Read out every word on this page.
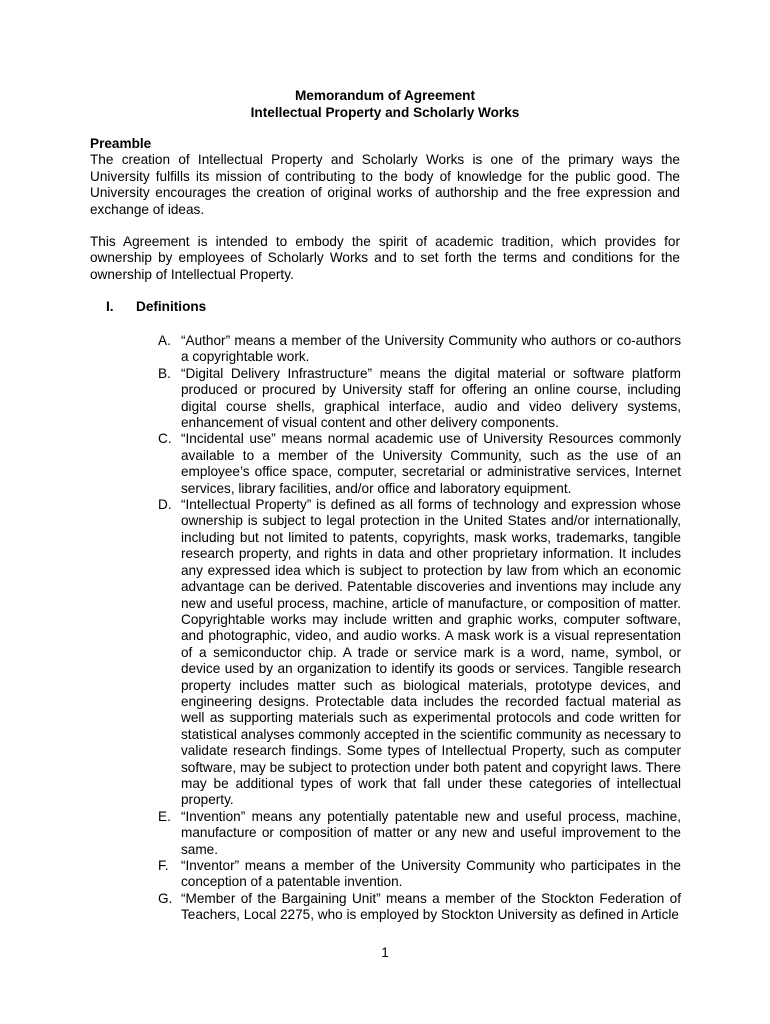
Memorandum of Agreement
Intellectual Property and Scholarly Works
Preamble

The creation of Intellectual Property and Scholarly Works is one of the primary ways the University fulfills its mission of contributing to the body of knowledge for the public good. The University encourages the creation of original works of authorship and the free expression and exchange of ideas.

This Agreement is intended to embody the spirit of academic tradition, which provides for ownership by employees of Scholarly Works and to set forth the terms and conditions for the ownership of Intellectual Property.

I. Definitions
A. “Author” means a member of the University Community who authors or co-authors a copyrightable work.
B. “Digital Delivery Infrastructure” means the digital material or software platform produced or procured by University staff for offering an online course, including digital course shells, graphical interface, audio and video delivery systems, enhancement of visual content and other delivery components.
C. “Incidental use” means normal academic use of University Resources commonly available to a member of the University Community, such as the use of an employee’s office space, computer, secretarial or administrative services, Internet services, library facilities, and/or office and laboratory equipment.
D. “Intellectual Property” is defined as all forms of technology and expression whose ownership is subject to legal protection in the United States and/or internationally, including but not limited to patents, copyrights, mask works, trademarks, tangible research property, and rights in data and other proprietary information. It includes any expressed idea which is subject to protection by law from which an economic advantage can be derived. Patentable discoveries and inventions may include any new and useful process, machine, article of manufacture, or composition of matter. Copyrightable works may include written and graphic works, computer software, and photographic, video, and audio works. A mask work is a visual representation of a semiconductor chip. A trade or service mark is a word, name, symbol, or device used by an organization to identify its goods or services. Tangible research property includes matter such as biological materials, prototype devices, and engineering designs. Protectable data includes the recorded factual material as well as supporting materials such as experimental protocols and code written for statistical analyses commonly accepted in the scientific community as necessary to validate research findings. Some types of Intellectual Property, such as computer software, may be subject to protection under both patent and copyright laws. There may be additional types of work that fall under these categories of intellectual property.
E. “Invention” means any potentially patentable new and useful process, machine, manufacture or composition of matter or any new and useful improvement to the same.
F. “Inventor” means a member of the University Community who participates in the conception of a patentable invention.
G. “Member of the Bargaining Unit” means a member of the Stockton Federation of Teachers, Local 2275, who is employed by Stockton University as defined in Article
1
